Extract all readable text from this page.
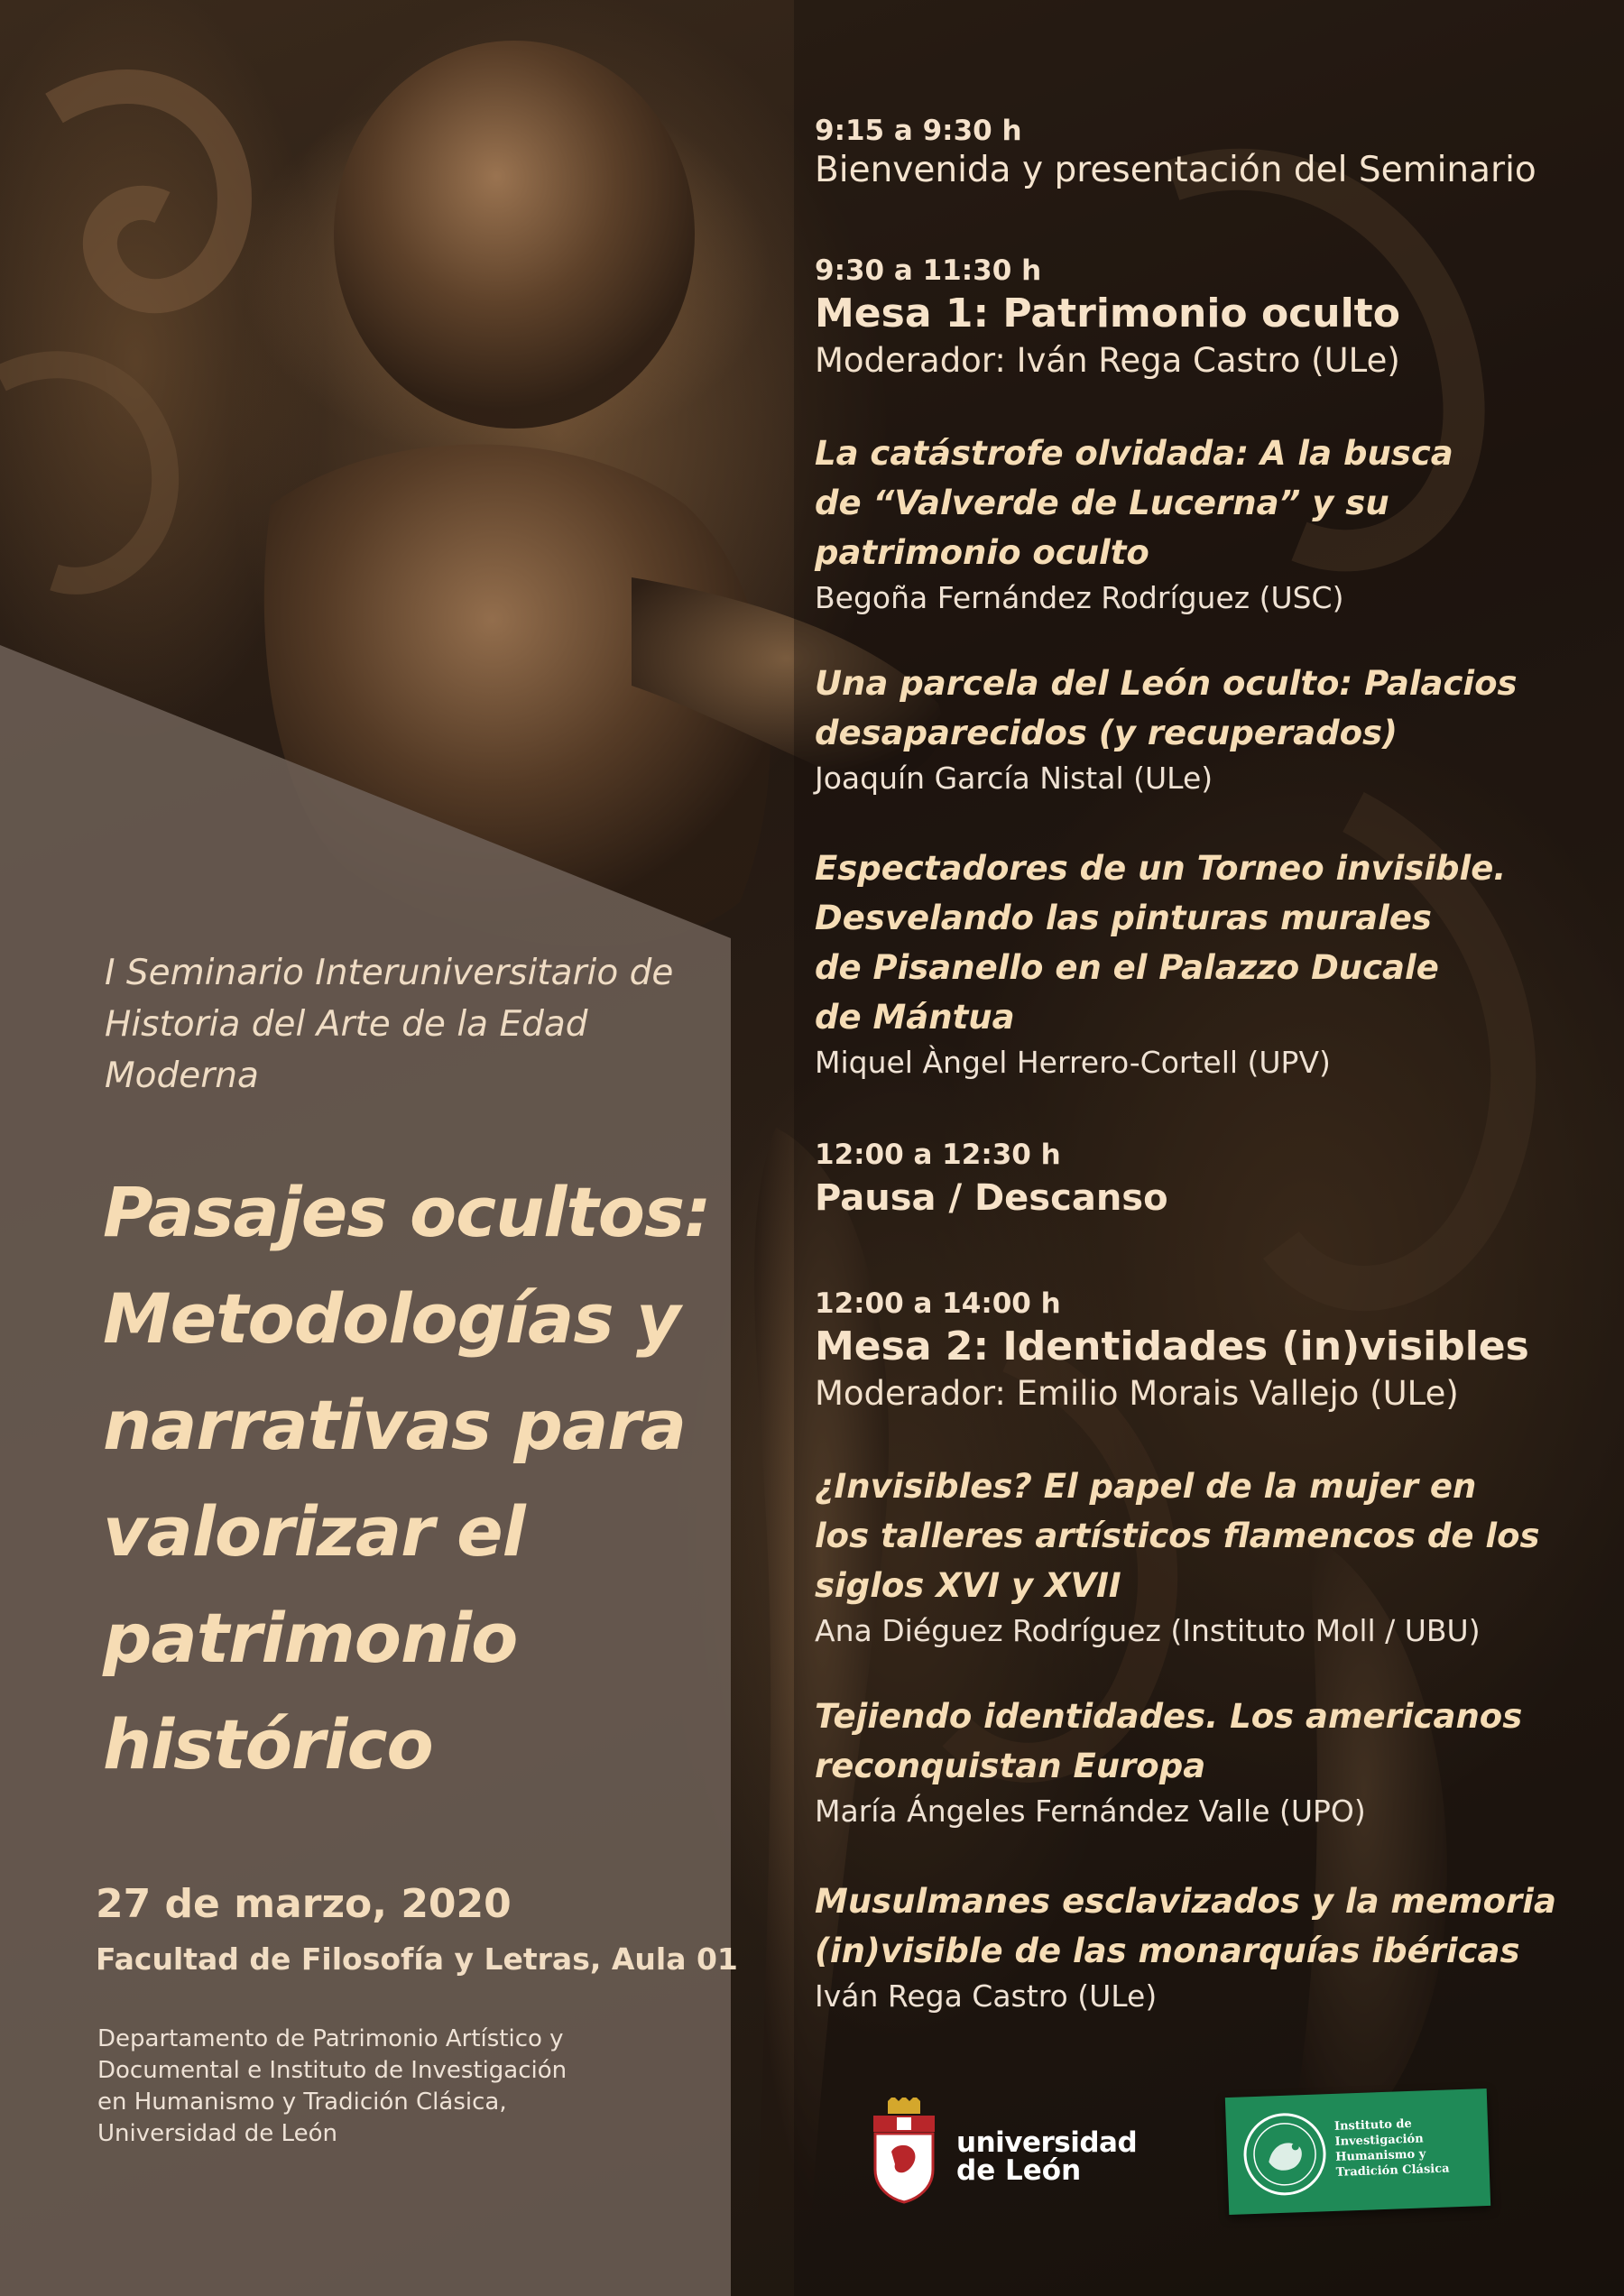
I Seminario Interuniversitario de Historia del Arte de la Edad Moderna
Pasajes ocultos: Metodologías y narrativas para valorizar el patrimonio histórico
27 de marzo, 2020
Facultad de Filosofía y Letras, Aula 01
Departamento de Patrimonio Artístico y Documental e Instituto de Investigación en Humanismo y Tradición Clásica, Universidad de León
9:15 a 9:30 h
Bienvenida y presentación del Seminario
9:30 a 11:30 h
Mesa 1: Patrimonio oculto
Moderador: Iván Rega Castro (ULe)
La catástrofe olvidada: A la busca
de “Valverde de Lucerna” y su
patrimonio oculto
Begoña Fernández Rodríguez (USC)
Una parcela del León oculto: Palacios
desaparecidos (y recuperados)
Joaquín García Nistal (ULe)
Espectadores de un Torneo invisible.
Desvelando las pinturas murales
de Pisanello en el Palazzo Ducale
de Mántua
Miquel Àngel Herrero-Cortell (UPV)
12:00 a 12:30 h
Pausa / Descanso
12:00 a 14:00 h
Mesa 2: Identidades (in)visibles
Moderador: Emilio Morais Vallejo (ULe)
¿Invisibles? El papel de la mujer en
los talleres artísticos flamencos de los
siglos XVI y XVII
Ana Diéguez Rodríguez (Instituto Moll / UBU)
Tejiendo identidades. Los americanos
reconquistan Europa
María Ángeles Fernández Valle (UPO)
Musulmanes esclavizados y la memoria
(in)visible de las monarquías ibéricas
Iván Rega Castro (ULe)
universidad
de León
Instituto de Investigación Humanismo y Tradición Clásica
